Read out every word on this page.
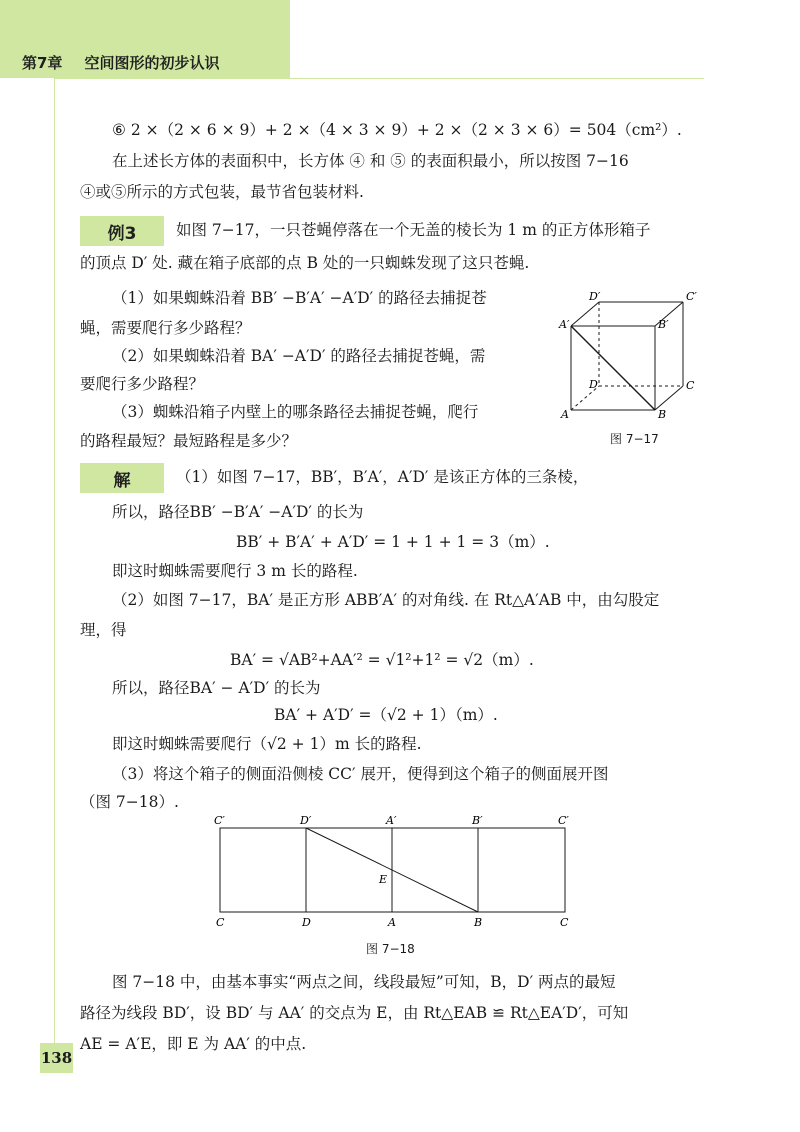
第7章 空间图形的初步认识
⑥ 2 ×（2 × 6 × 9）+ 2 ×（4 × 3 × 9）+ 2 ×（2 × 3 × 6）= 504（cm²）.
在上述长方体的表面积中，长方体 ④ 和 ⑤ 的表面积最小，所以按图 7−16
④或⑤所示的方式包装，最节省包装材料.
例3	如图 7−17，一只苍蝇停落在一个无盖的棱长为 1 m 的正方体形箱子
的顶点 D′ 处. 藏在箱子底部的点 B 处的一只蜘蛛发现了这只苍蝇.
（1）如果蜘蛛沿着 BB′ −B′A′ −A′D′ 的路径去捕捉苍
蝇，需要爬行多少路程？
（2）如果蜘蛛沿着 BA′ −A′D′ 的路径去捕捉苍蝇，需
要爬行多少路程？
（3）蜘蛛沿箱子内壁上的哪条路径去捕捉苍蝇，爬行
的路程最短？最短路程是多少？
D′	C′
A′	B′
D	C
A	B
图 7−17
解	（1）如图 7−17，BB′，B′A′，A′D′ 是该正方体的三条棱，
所以，路径BB′ −B′A′ −A′D′ 的长为
BB′ + B′A′ + A′D′ = 1 + 1 + 1 = 3（m）.
即这时蜘蛛需要爬行 3 m 长的路程.
（2）如图 7−17，BA′ 是正方形 ABB′A′ 的对角线. 在 Rt△A′AB 中，由勾股定
理，得
BA′ = √AB²+AA′² = √1²+1² = √2（m）.
所以，路径BA′ − A′D′ 的长为
BA′ + A′D′ =（√2 + 1）（m）.
即这时蜘蛛需要爬行（√2 + 1）m 长的路程.
（3）将这个箱子的侧面沿侧棱 CC′ 展开，便得到这个箱子的侧面展开图
（图 7−18）.
C′	D′	A′	B′	C′
C	D	A	B	C
E
图 7−18
图 7−18 中，由基本事实“两点之间，线段最短”可知，B，D′ 两点的最短
路径为线段 BD′，设 BD′ 与 AA′ 的交点为 E，由 Rt△EAB ≌ Rt△EA′D′，可知
AE = A′E，即 E 为 AA′ 的中点.
138
